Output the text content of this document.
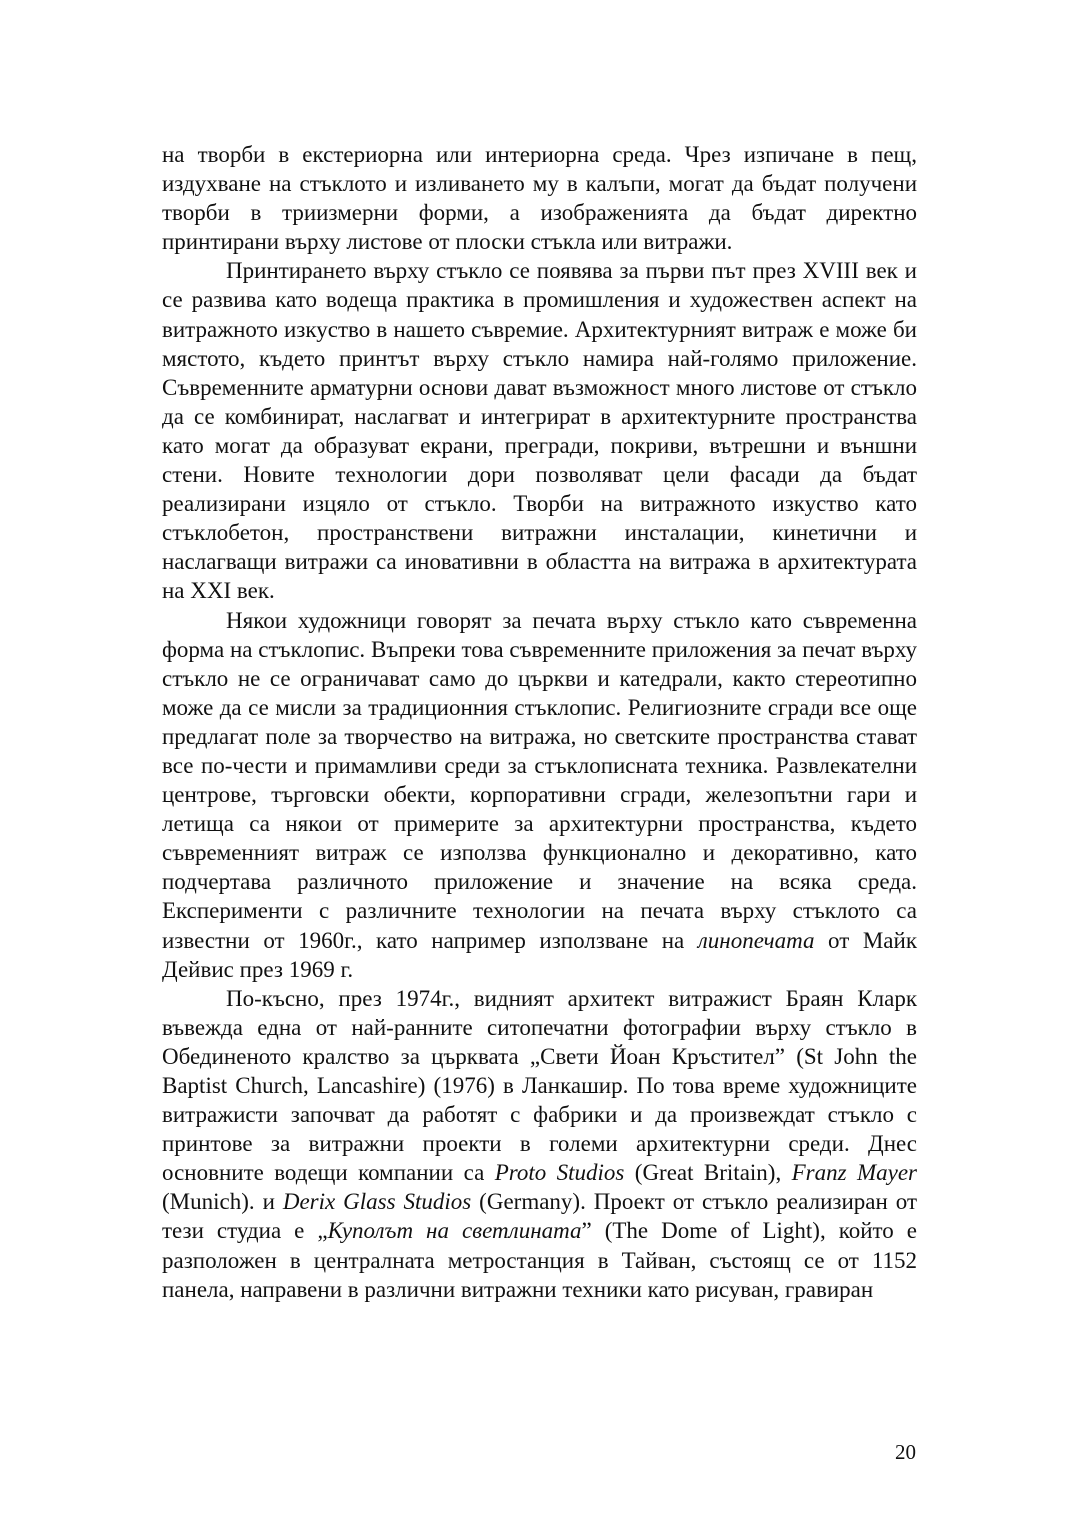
на творби в екстериорна или интериорна среда. Чрез изпичане в пещ, издухване на стъклото и изливането му в калъпи, могат да бъдат получени творби в триизмерни форми, а изображенията да бъдат директно принтирани върху листове от плоски стъкла или витражи.

Принтирането върху стъкло се появява за първи път през XVIII век и се развива като водеща практика в промишления и художествен аспект на витражното изкуство в нашето съвремие. Архитектурният витраж е може би мястото, където принтът върху стъкло намира най-голямо приложение. Съвременните арматурни основи дават възможност много листове от стъкло да се комбинират, наслагват и интегрират в архитектурните пространства като могат да образуват екрани, прегради, покриви, вътрешни и външни стени. Новите технологии дори позволяват цели фасади да бъдат реализирани изцяло от стъкло. Творби на витражното изкуство като стъклобетон, пространствени витражни инсталации, кинетични и наслагващи витражи са иновативни в областта на витража в архитектурата на XXI век.

Някои художници говорят за печата върху стъкло като съвременна форма на стъклопис. Въпреки това съвременните приложения за печат върху стъкло не се ограничават само до църкви и катедрали, както стереотипно може да се мисли за традиционния стъклопис. Религиозните сгради все още предлагат поле за творчество на витража, но светските пространства стават все по-чести и примамливи среди за стъклописната техника. Развлекателни центрове, търговски обекти, корпоративни сгради, железопътни гари и летища са някои от примерите за архитектурни пространства, където съвременният витраж се използва функционално и декоративно, като подчертава различното приложение и значение на всяка среда. Експерименти с различните технологии на печата върху стъклото са известни от 1960г., като например използване на линопечата от Майк Дейвис през 1969 г.

По-късно, през 1974г., видният архитект витражист Браян Кларк въвежда една от най-ранните ситопечатни фотографии върху стъкло в Обединеното кралство за църквата „Свети Йоан Кръстител” (St John the Baptist Church, Lancashire) (1976) в Ланкашир. По това време художниците витражисти започват да работят с фабрики и да произвеждат стъкло с принтове за витражни проекти в големи архитектурни среди. Днес основните водещи компании са Proto Studios (Great Britain), Franz Mayer (Munich). и Derix Glass Studios (Germany). Проект от стъкло реализиран от тези студиа е „Куполът на светлината” (The Dome of Light), който е разположен в централната метростанция в Тайван, състоящ се от 1152 панела, направени в различни витражни техники като рисуван, гравиран

20
